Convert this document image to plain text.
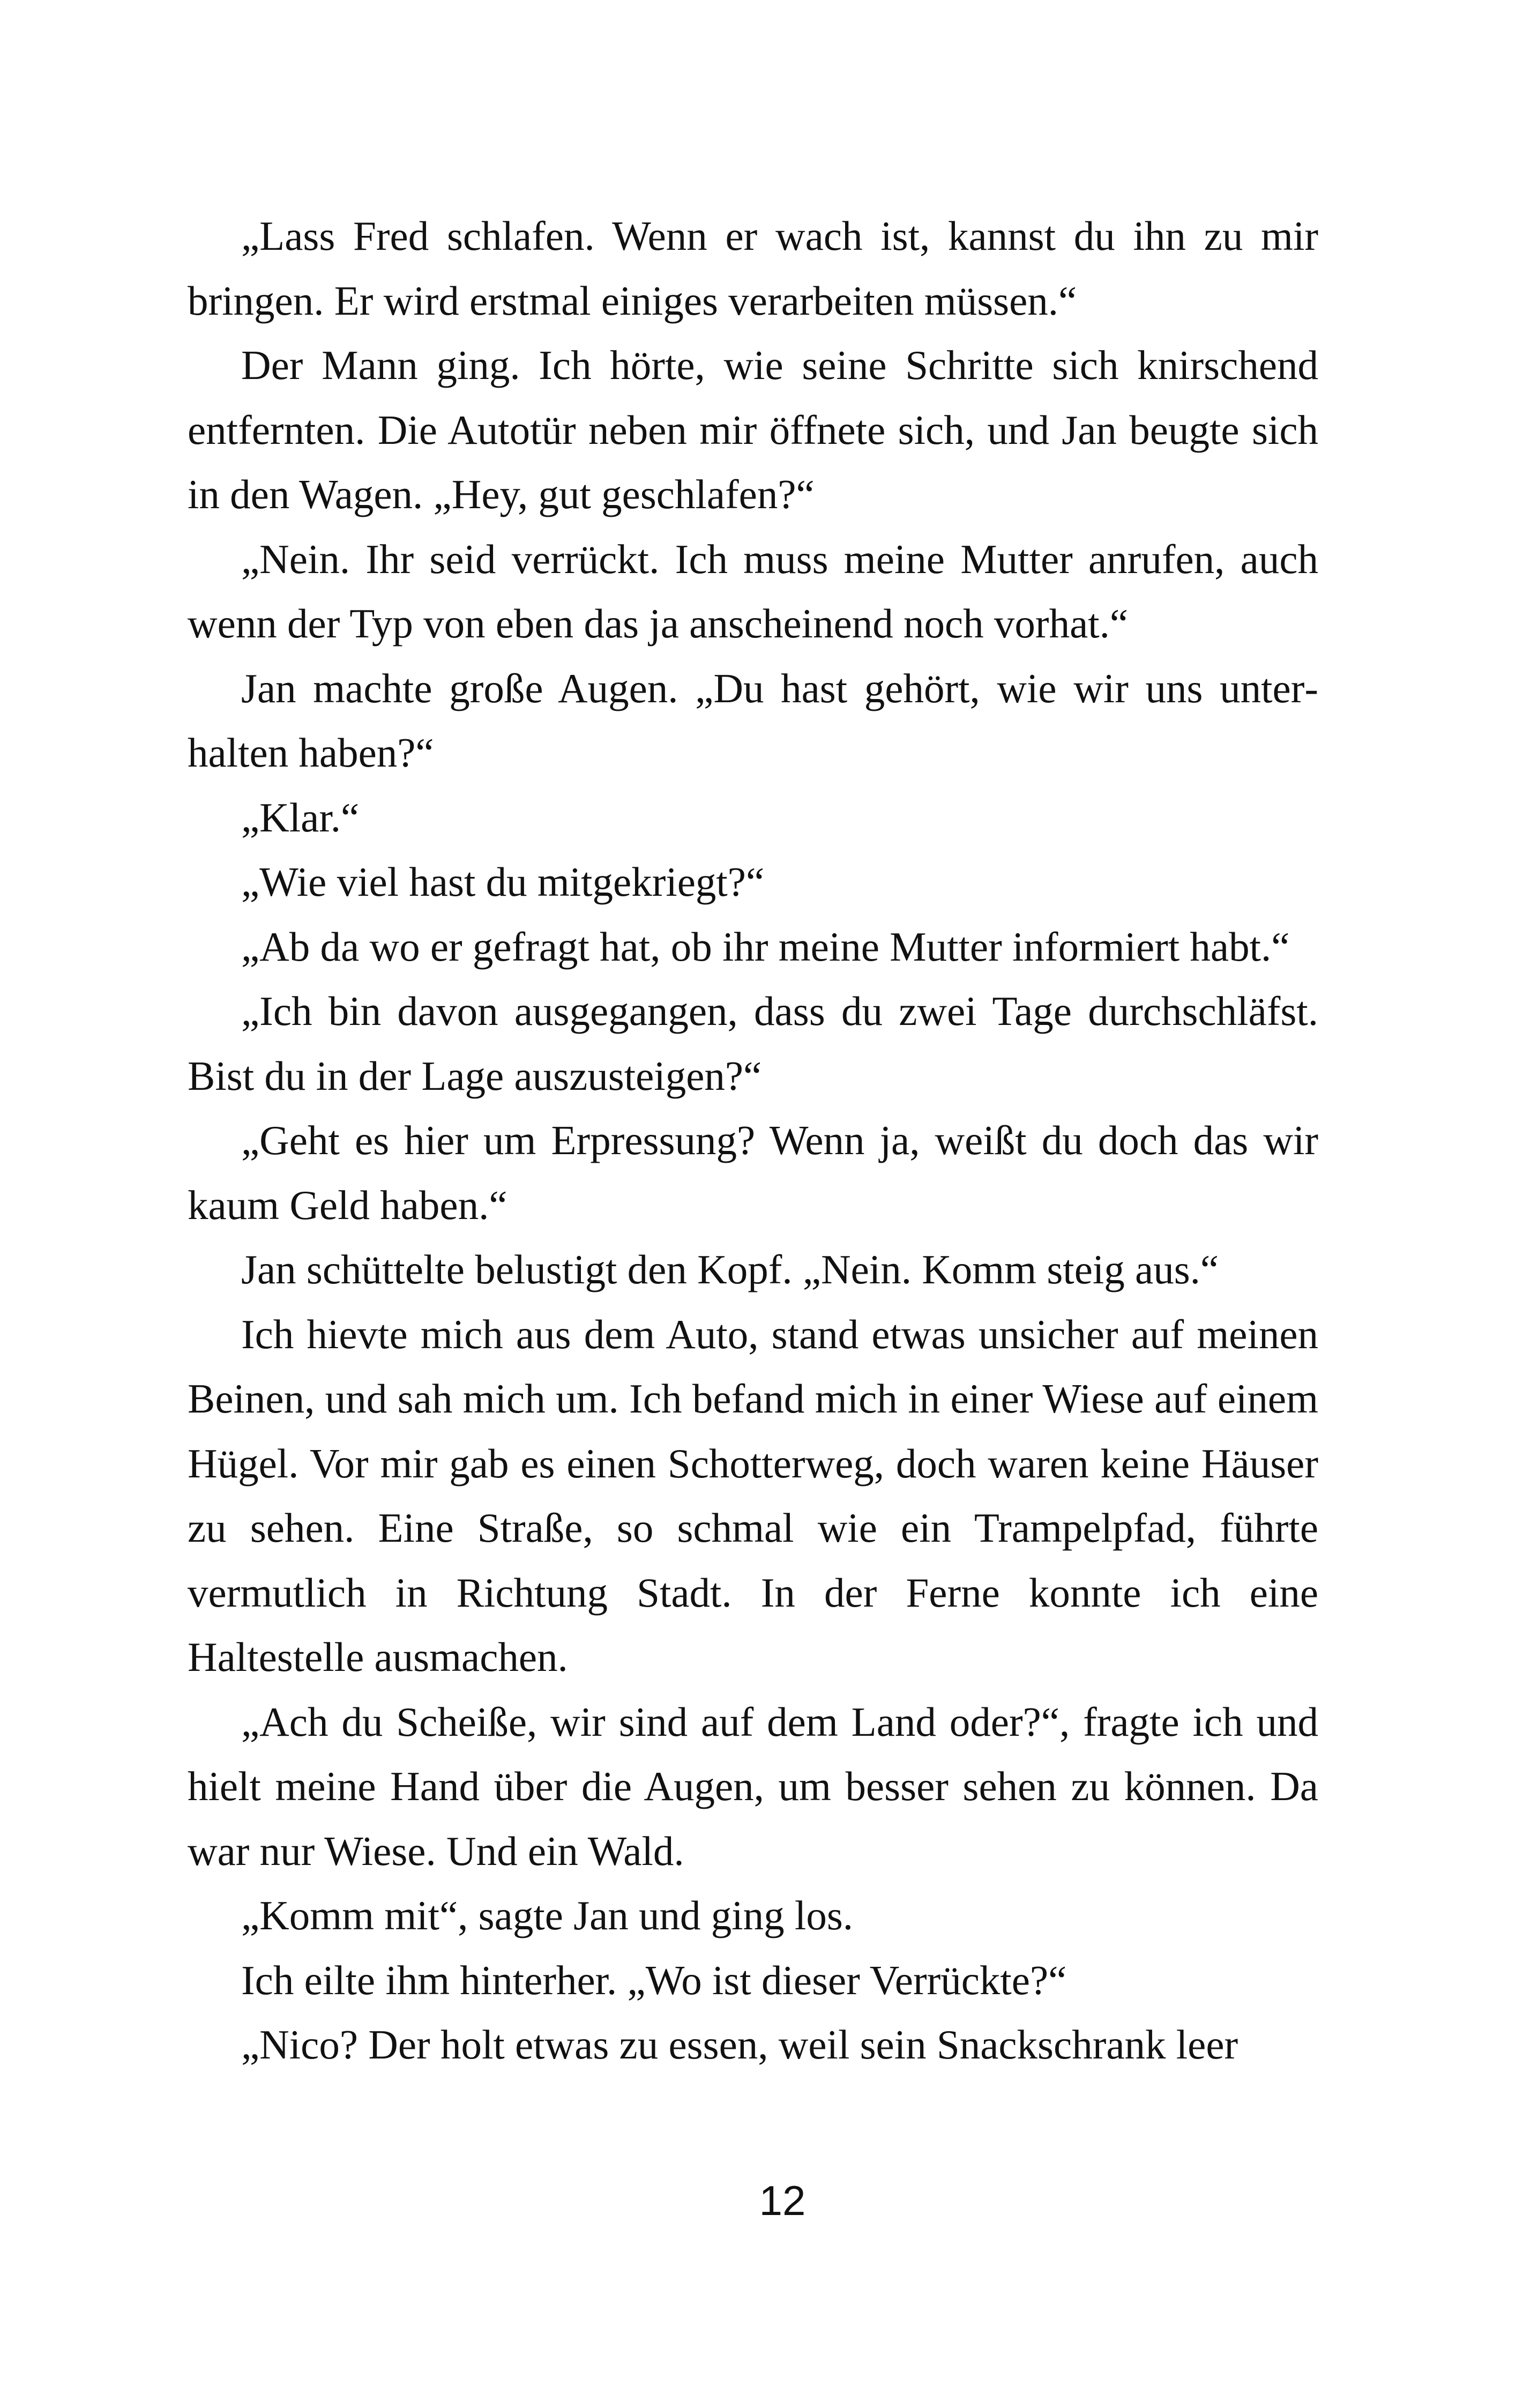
„Lass Fred schlafen. Wenn er wach ist, kannst du ihn zu mir bringen. Er wird erstmal einiges verarbeiten müssen.“

Der Mann ging. Ich hörte, wie seine Schritte sich knirschend entfernten. Die Autotür neben mir öffnete sich, und Jan beugte sich in den Wagen. „Hey, gut geschlafen?“

„Nein. Ihr seid verrückt. Ich muss meine Mutter anrufen, auch wenn der Typ von eben das ja anscheinend noch vorhat.“

Jan machte große Augen. „Du hast gehört, wie wir uns unterhalten haben?“

„Klar.“

„Wie viel hast du mitgekriegt?“

„Ab da wo er gefragt hat, ob ihr meine Mutter informiert habt.“

„Ich bin davon ausgegangen, dass du zwei Tage durchschläfst. Bist du in der Lage auszusteigen?“

„Geht es hier um Erpressung? Wenn ja, weißt du doch das wir kaum Geld haben.“

Jan schüttelte belustigt den Kopf. „Nein. Komm steig aus.“

Ich hievte mich aus dem Auto, stand etwas unsicher auf meinen Beinen, und sah mich um. Ich befand mich in einer Wiese auf einem Hügel. Vor mir gab es einen Schotterweg, doch waren keine Häuser zu sehen. Eine Straße, so schmal wie ein Trampelpfad, führte vermutlich in Richtung Stadt. In der Ferne konnte ich eine Haltestelle ausmachen.

„Ach du Scheiße, wir sind auf dem Land oder?“, fragte ich und hielt meine Hand über die Augen, um besser sehen zu können. Da war nur Wiese. Und ein Wald.

„Komm mit“, sagte Jan und ging los.

Ich eilte ihm hinterher. „Wo ist dieser Verrückte?“

„Nico? Der holt etwas zu essen, weil sein Snackschrank leer

12
